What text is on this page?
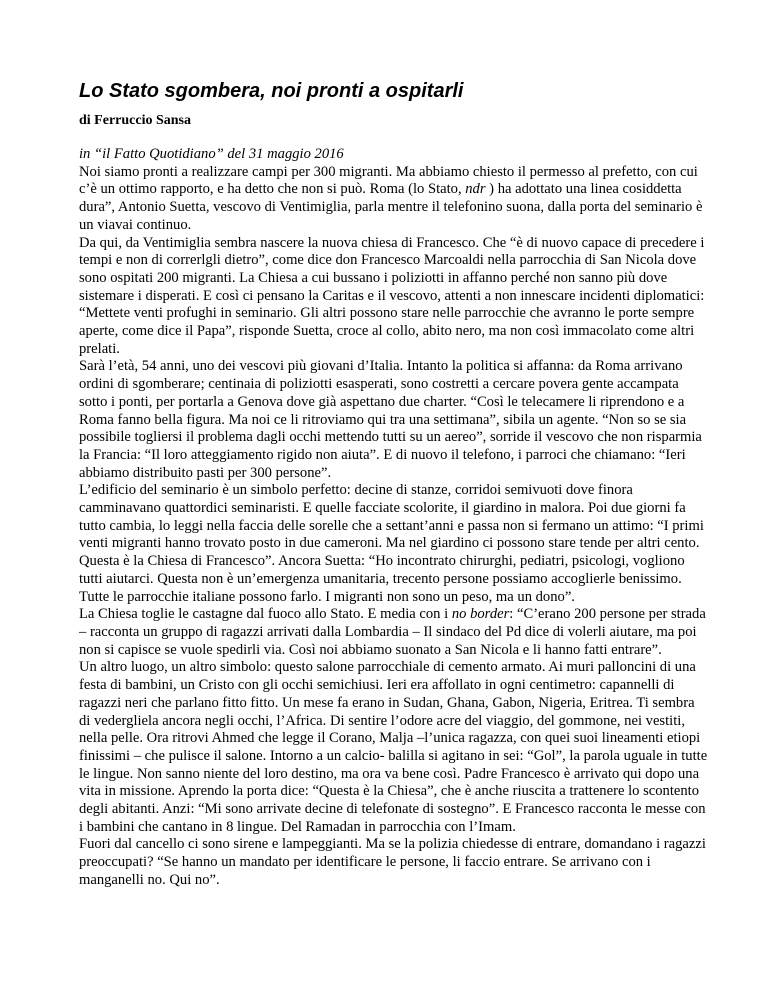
Lo Stato sgombera, noi pronti a ospitarli
di Ferruccio Sansa
in “il Fatto Quotidiano” del 31 maggio 2016

Noi siamo pronti a realizzare campi per 300 migranti. Ma abbiamo chiesto il permesso al prefetto, con cui c’è un ottimo rapporto, e ha detto che non si può. Roma (lo Stato, ndr ) ha adottato una linea cosiddetta dura”, Antonio Suetta, vescovo di Ventimiglia, parla mentre il telefonino suona, dalla porta del seminario è un viavai continuo.

Da qui, da Ventimiglia sembra nascere la nuova chiesa di Francesco. Che “è di nuovo capace di precedere i tempi e non di correrlgli dietro”, come dice don Francesco Marcoaldi nella parrocchia di San Nicola dove sono ospitati 200 migranti. La Chiesa a cui bussano i poliziotti in affanno perché non sanno più dove sistemare i disperati. E così ci pensano la Caritas e il vescovo, attenti a non innescare incidenti diplomatici: “Mettete venti profughi in seminario. Gli altri possono stare nelle parrocchie che avranno le porte sempre aperte, come dice il Papa”, risponde Suetta, croce al collo, abito nero, ma non così immacolato come altri prelati.

Sarà l’età, 54 anni, uno dei vescovi più giovani d’Italia. Intanto la politica si affanna: da Roma arrivano ordini di sgomberare; centinaia di poliziotti esasperati, sono costretti a cercare povera gente accampata sotto i ponti, per portarla a Genova dove già aspettano due charter. “Così le telecamere li riprendono e a Roma fanno bella figura. Ma noi ce li ritroviamo qui tra una settimana”, sibila un agente. “Non so se sia possibile togliersi il problema dagli occhi mettendo tutti su un aereo”, sorride il vescovo che non risparmia la Francia: “Il loro atteggiamento rigido non aiuta”. E di nuovo il telefono, i parroci che chiamano: “Ieri abbiamo distribuito pasti per 300 persone”.

L’edificio del seminario è un simbolo perfetto: decine di stanze, corridoi semivuoti dove finora camminavano quattordici seminaristi. E quelle facciate scolorite, il giardino in malora. Poi due giorni fa tutto cambia, lo leggi nella faccia delle sorelle che a settant’anni e passa non si fermano un attimo: “I primi venti migranti hanno trovato posto in due cameroni. Ma nel giardino ci possono stare tende per altri cento. Questa è la Chiesa di Francesco”. Ancora Suetta: “Ho incontrato chirurghi, pediatri, psicologi, vogliono tutti aiutarci. Questa non è un’emergenza umanitaria, trecento persone possiamo accoglierle benissimo. Tutte le parrocchie italiane possono farlo. I migranti non sono un peso, ma un dono”.

La Chiesa toglie le castagne dal fuoco allo Stato. E media con i no border: “C’erano 200 persone per strada – racconta un gruppo di ragazzi arrivati dalla Lombardia – Il sindaco del Pd dice di volerli aiutare, ma poi non si capisce se vuole spedirli via. Così noi abbiamo suonato a San Nicola e li hanno fatti entrare”.

Un altro luogo, un altro simbolo: questo salone parrocchiale di cemento armato. Ai muri palloncini di una festa di bambini, un Cristo con gli occhi semichiusi. Ieri era affollato in ogni centimetro: capannelli di ragazzi neri che parlano fitto fitto. Un mese fa erano in Sudan, Ghana, Gabon, Nigeria, Eritrea. Ti sembra di vedergliela ancora negli occhi, l’Africa. Di sentire l’odore acre del viaggio, del gommone, nei vestiti, nella pelle. Ora ritrovi Ahmed che legge il Corano, Malja –l’unica ragazza, con quei suoi lineamenti etiopi finissimi – che pulisce il salone. Intorno a un calcio- balilla si agitano in sei: “Gol”, la parola uguale in tutte le lingue. Non sanno niente del loro destino, ma ora va bene così. Padre Francesco è arrivato qui dopo una vita in missione. Aprendo la porta dice: “Questa è la Chiesa”, che è anche riuscita a trattenere lo scontento degli abitanti. Anzi: “Mi sono arrivate decine di telefonate di sostegno”. E Francesco racconta le messe con i bambini che cantano in 8 lingue. Del Ramadan in parrocchia con l’Imam.

Fuori dal cancello ci sono sirene e lampeggianti. Ma se la polizia chiedesse di entrare, domandano i ragazzi preoccupati? “Se hanno un mandato per identificare le persone, li faccio entrare. Se arrivano con i manganelli no. Qui no”.
